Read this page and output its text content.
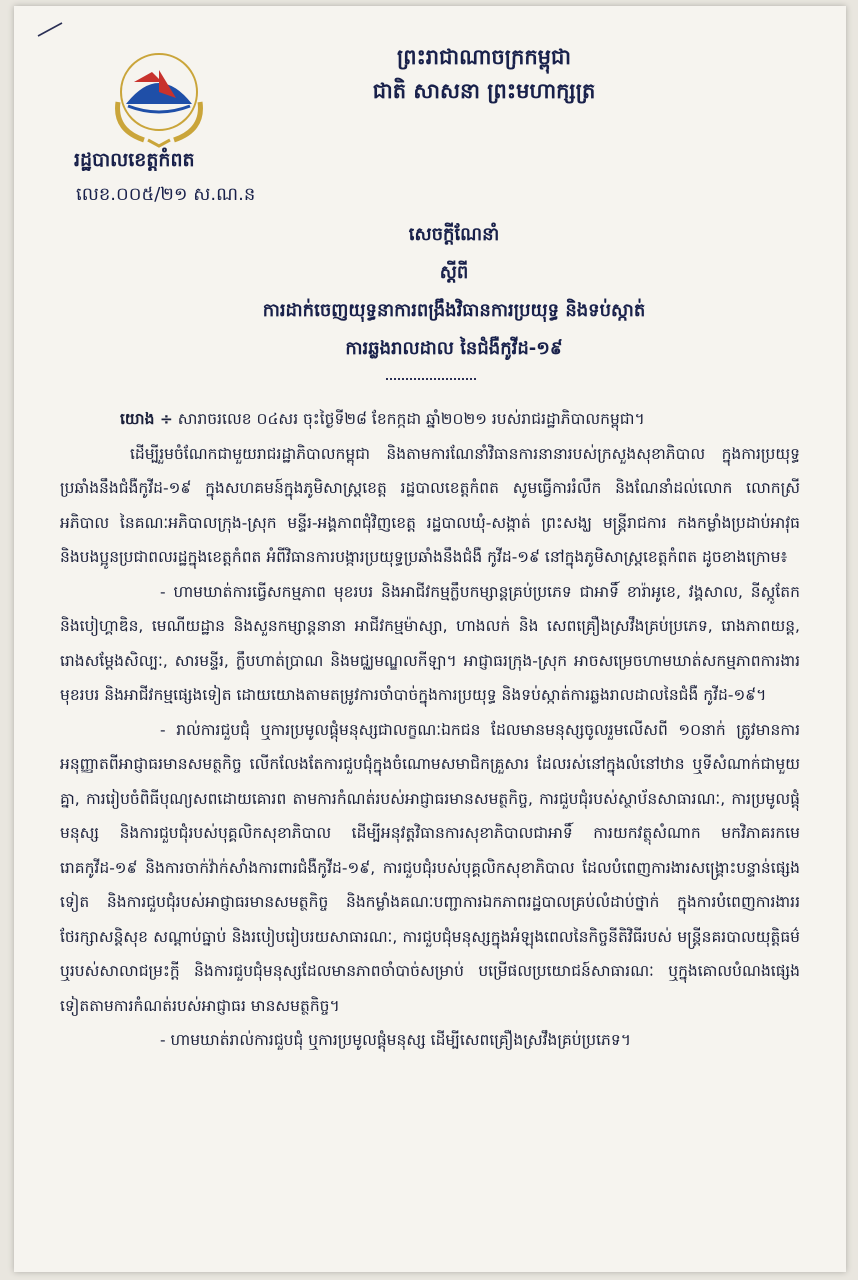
ព្រះរាជាណាចក្រកម្ពុជា
ជាតិ សាសនា ព្រះមហាក្សត្រ
រដ្ឋបាលខេត្តកំពត
លេខ.០០៥/២១ ស.ណ.ន
សេចក្តីណែនាំ
ស្តីពី
ការដាក់ចេញយុទ្ធនាការពង្រឹងវិធានការប្រយុទ្ធ និងទប់ស្កាត់
ការឆ្លងរាលដាល នៃជំងឺកូវីដ-១៩

យោង ÷ សារាចរលេខ ០៤សរ ចុះថ្ងៃទី២៨ ខែកក្កដា ឆ្នាំ២០២១ របស់រាជរដ្ឋាភិបាលកម្ពុជា។

ដើម្បីរួមចំណែកជាមួយរាជរដ្ឋាភិបាលកម្ពុជា និងតាមការណែនាំវិធានការនានារបស់ក្រសួងសុខាភិបាល ក្នុងការប្រយុទ្ធប្រឆាំងនឹងជំងឺកូវីដ-១៩ ក្នុងសហគមន៍ក្នុងភូមិសាស្ត្រខេត្ត រដ្ឋបាលខេត្តកំពត សូមធ្វើការរំលឹក និងណែនាំដល់លោក លោកស្រីអភិបាល នៃគណៈអភិបាលក្រុង-ស្រុក មន្ទីរ-អង្គភាពជុំវិញខេត្ត រដ្ឋបាលឃុំ-សង្កាត់ ព្រះសង្ឃ មន្ត្រីរាជការ កងកម្លាំងប្រដាប់អាវុធ និងបងប្អូនប្រជាពលរដ្ឋក្នុងខេត្តកំពត អំពីវិធានការបង្ការប្រយុទ្ធប្រឆាំងនឹងជំងឺ កូវីដ-១៩ នៅក្នុងភូមិសាស្ត្រខេត្តកំពត ដូចខាងក្រោម៖

- ហាមឃាត់ការធ្វើសកម្មភាព មុខរបរ និងអាជីវកម្មក្លឹបកម្សាន្តគ្រប់ប្រភេទ ជាអាទិ៍ ខារ៉ាអូខេ, វង្គសាល, នីស្កូតែក និងបៀហ្គាឌិន, មេណីយដ្ឋាន និងសួនកម្សាន្តនានា អាជីវកម្មម៉ាស្សា, ហាងលក់ និង សេពគ្រឿងស្រវឹងគ្រប់ប្រភេទ, រោងភាពយន្ត, រោងសម្តែងសិល្បៈ, សារមន្ទីរ, ក្លឹបហាត់ប្រាណ និងមជ្ឈមណ្ឌលកីឡា។ អាជ្ញាធរក្រុង-ស្រុក អាចសម្រេចហាមឃាត់សកម្មភាពការងារ មុខរបរ និងអាជីវកម្មផ្សេងទៀត ដោយយោងតាមតម្រូវការចាំបាច់ក្នុងការប្រយុទ្ធ និងទប់ស្កាត់ការឆ្លងរាលដាលនៃជំងឺ កូវីដ-១៩។

- រាល់ការជួបជុំ ឬការប្រមូលផ្តុំមនុស្សជាលក្ខណៈឯកជន ដែលមានមនុស្សចូលរួមលើសពី ១០នាក់ ត្រូវមានការអនុញ្ញាតពីអាជ្ញាធរមានសមត្ថកិច្ច លើកលែងតែការជួបជុំក្នុងចំណោមសមាជិកគ្រួសារ ដែលរស់នៅក្នុងលំនៅឋាន ឬទីសំណាក់ជាមួយគ្នា, ការរៀបចំពិធីបុណ្យសពដោយគោរព តាមការកំណត់របស់អាជ្ញាធរមានសមត្ថកិច្ច, ការជួបជុំរបស់ស្ថាប័នសាធារណៈ, ការប្រមូលផ្តុំមនុស្ស និងការជួបជុំរបស់បុគ្គលិកសុខាភិបាល ដើម្បីអនុវត្តវិធានការសុខាភិបាលជាអាទិ៍ ការយកវត្ថុសំណាក មកវិភាគរកមេរោគកូវីដ-១៩ និងការចាក់វ៉ាក់សាំងការពារជំងឺកូវីដ-១៩, ការជួបជុំរបស់បុគ្គលិកសុខាភិបាល ដែលបំពេញការងារសង្គ្រោះបន្ទាន់ផ្សេងទៀត និងការជួបជុំរបស់អាជ្ញាធរមានសមត្ថកិច្ច និងកម្លាំងគណៈបញ្ជាការឯកភាពរដ្ឋបាលគ្រប់លំដាប់ថ្នាក់ ក្នុងការបំពេញការងាររថែរក្សាសន្តិសុខ សណ្តាប់ធ្នាប់ និងរបៀបរៀបរយសាធារណៈ, ការជួបជុំមនុស្សក្នុងអំឡុងពេលនៃកិច្ចនីតិវិធីរបស់ មន្ត្រីនគរបាលយុត្តិធម៌ ឬរបស់សាលាជម្រះក្តី និងការជួបជុំមនុស្សដែលមានភាពចាំបាច់សម្រាប់ បម្រើផលប្រយោជន៍សាធារណៈ ឬក្នុងគោលបំណងផ្សេងទៀតតាមការកំណត់របស់អាជ្ញាធរ មានសមត្ថកិច្ច។

- ហាមឃាត់រាល់ការជួបជុំ ឬការប្រមូលផ្តុំមនុស្ស ដើម្បីសេពគ្រឿងស្រវឹងគ្រប់ប្រភេទ។
